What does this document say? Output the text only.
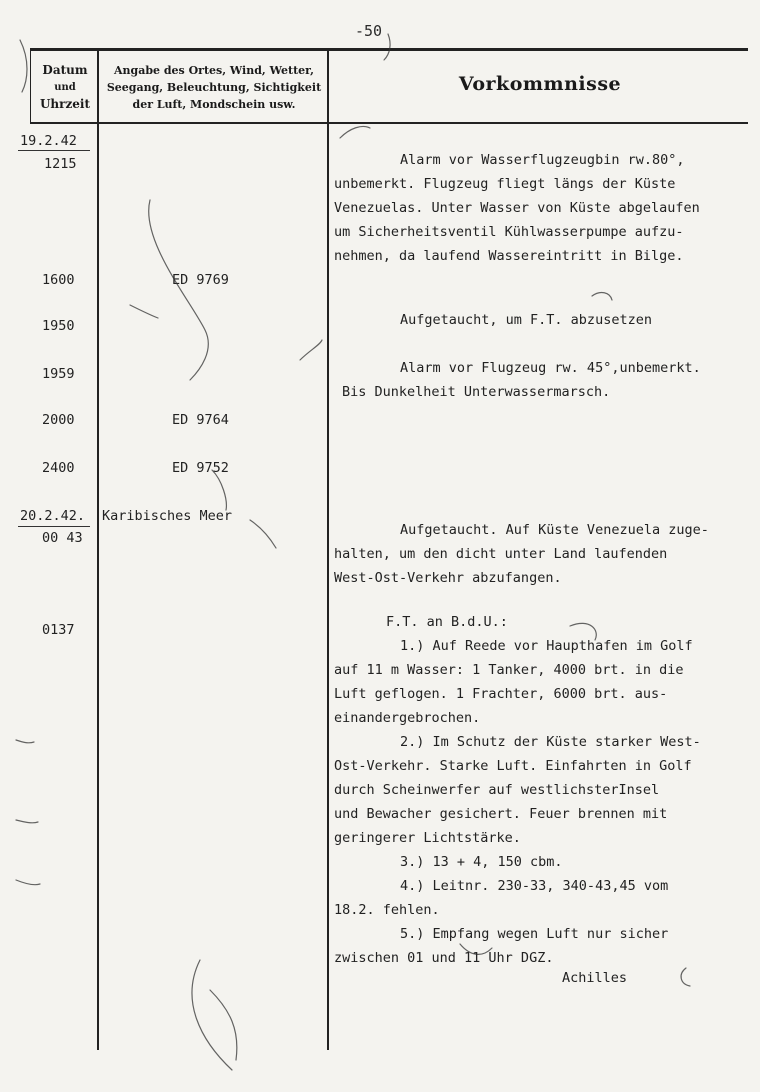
-50
Datum
und
Uhrzeit
Angabe des Ortes, Wind, Wetter,
Seegang, Beleuchtung, Sichtigkeit
der Luft, Mondschein usw.
Vorkommnisse
19.2.42
1215
1600
1950
1959
2000
2400
20.2.42.
00 43
0137
ED 9769
ED 9764
ED 9752
Karibisches Meer
Alarm vor Wasserflugzeugbin rw.80°,
unbemerkt. Flugzeug fliegt längs der Küste
Venezuelas. Unter Wasser von Küste abgelaufen
um Sicherheitsventil Kühlwasserpumpe aufzu-
nehmen, da laufend Wassereintritt in Bilge.
Aufgetaucht, um F.T. abzusetzen
Alarm vor Flugzeug rw. 45°,unbemerkt.
Bis Dunkelheit Unterwassermarsch.
Aufgetaucht. Auf Küste Venezuela zuge-
halten, um den dicht unter Land laufenden
West-Ost-Verkehr abzufangen.
F.T. an B.d.U.:
1.) Auf Reede vor Haupthafen im Golf
auf 11 m Wasser: 1 Tanker, 4000 brt. in die
Luft geflogen. 1 Frachter, 6000 brt. aus-
einandergebrochen.
2.) Im Schutz der Küste starker West-
Ost-Verkehr. Starke Luft. Einfahrten in Golf
durch Scheinwerfer auf westlichsterInsel
und Bewacher gesichert. Feuer brennen mit
geringerer Lichtstärke.
3.) 13 + 4, 150 cbm.
4.) Leitnr. 230-33, 340-43,45 vom
18.2. fehlen.
5.) Empfang wegen Luft nur sicher
zwischen 01 und 11 Uhr DGZ.
Achilles
